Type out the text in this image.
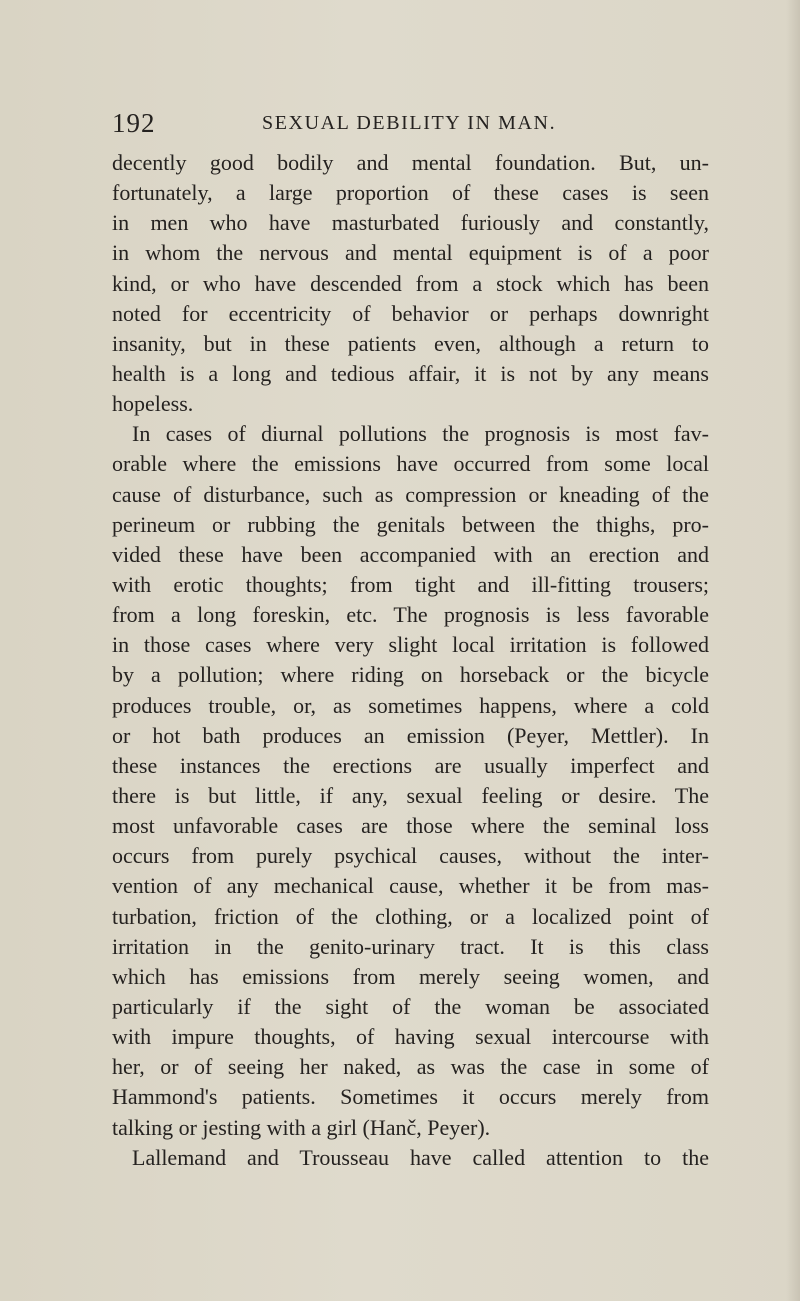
192	SEXUAL DEBILITY IN MAN.
decently good bodily and mental foundation. But, un-
fortunately, a large proportion of these cases is seen
in men who have masturbated furiously and constantly,
in whom the nervous and mental equipment is of a poor
kind, or who have descended from a stock which has been
noted for eccentricity of behavior or perhaps downright
insanity, but in these patients even, although a return to
health is a long and tedious affair, it is not by any means
hopeless.
In cases of diurnal pollutions the prognosis is most fav-
orable where the emissions have occurred from some local
cause of disturbance, such as compression or kneading of the
perineum or rubbing the genitals between the thighs, pro-
vided these have been accompanied with an erection and
with erotic thoughts; from tight and ill-fitting trousers;
from a long foreskin, etc. The prognosis is less favorable
in those cases where very slight local irritation is followed
by a pollution; where riding on horseback or the bicycle
produces trouble, or, as sometimes happens, where a cold
or hot bath produces an emission (Peyer, Mettler). In
these instances the erections are usually imperfect and
there is but little, if any, sexual feeling or desire. The
most unfavorable cases are those where the seminal loss
occurs from purely psychical causes, without the inter-
vention of any mechanical cause, whether it be from mas-
turbation, friction of the clothing, or a localized point of
irritation in the genito-urinary tract. It is this class
which has emissions from merely seeing women, and
particularly if the sight of the woman be associated
with impure thoughts, of having sexual intercourse with
her, or of seeing her naked, as was the case in some of
Hammond's patients. Sometimes it occurs merely from
talking or jesting with a girl (Hanč, Peyer).
Lallemand and Trousseau have called attention to the
